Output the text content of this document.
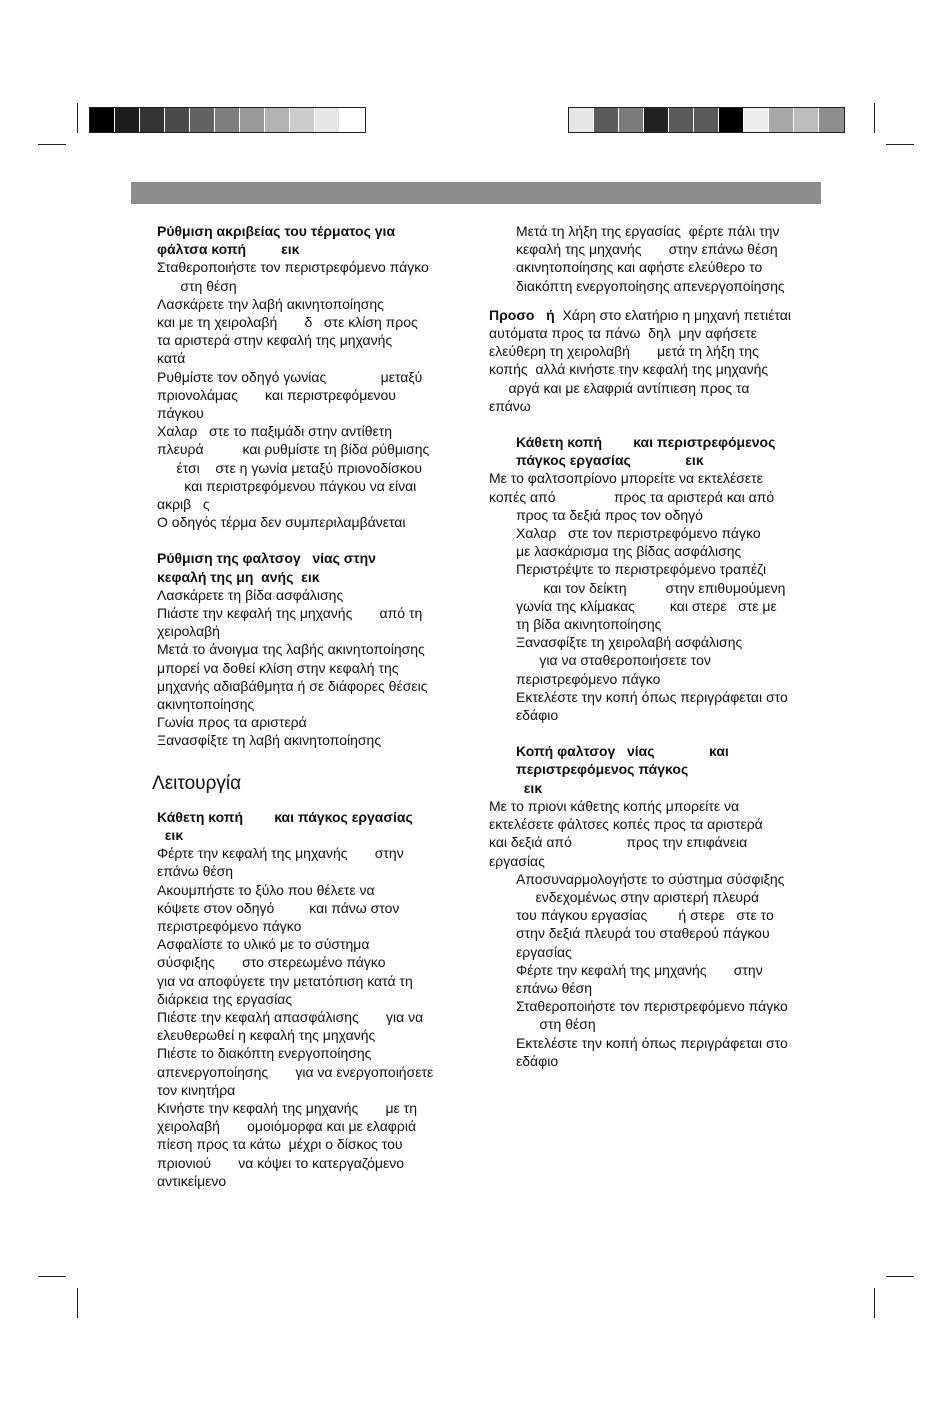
Ρύθμιση ακριβείας του τέρματος για

φάλτσα κοπή         εικ

Σταθεροποιήστε τον περιστρεφόμενο πάγκο

στη θέση

Λασκάρετε την λαβή ακινητοποίησης

και με τη χειρολαβή       δ   στε κλίση προς

τα αριστερά στην κεφαλή της μηχανής

κατά

Ρυθμίστε τον οδηγό γωνίας              μεταξύ

πριονολάμας       και περιστρεφόμενου

πάγκου

Χαλαρ   στε το παξιμάδι στην αντίθετη

πλευρά          και ρυθμίστε τη βίδα ρύθμισης

έτσι    στε η γωνία μεταξύ πριονοδίσκου

και περιστρεφόμενου πάγκου να είναι

ακριβ   ς

Ο οδηγός τέρμα δεν συμπεριλαμβάνεται

Ρύθμιση της φαλτσογ   νίας στην

κεφαλή της μη  ανής  εικ

Λασκάρετε τη βίδα ασφάλισης

Πιάστε την κεφαλή της μηχανής       από τη

χειρολαβή

Μετά το άνοιγμα της λαβής ακινητοποίησης

μπορεί να δοθεί κλίση στην κεφαλή της

μηχανής αδιαβάθμητα ή σε διάφορες θέσεις

ακινητοποίησης

Γωνία προς τα αριστερά

Ξανασφίξτε τη λαβή ακινητοποίησης

Λειτουργία

Κάθετη κοπή        και πάγκος εργασίας

εικ

Φέρτε την κεφαλή της μηχανής       στην

επάνω θέση

Ακουμπήστε το ξύλο που θέλετε να

κόψετε στον οδηγό         και πάνω στον

περιστρεφόμενο πάγκο

Ασφαλίστε το υλικό με το σύστημα

σύσφιξης       στο στερεωμένο πάγκο

για να αποφύγετε την μετατόπιση κατά τη

διάρκεια της εργασίας

Πιέστε την κεφαλή απασφάλισης       για να

ελευθερωθεί η κεφαλή της μηχανής

Πιέστε το διακόπτη ενεργοποίησης

απενεργοποίησης       για να ενεργοποιήσετε

τον κινητήρα

Κινήστε την κεφαλή της μηχανής       με τη

χειρολαβή       ομοιόμορφα και με ελαφριά

πίεση προς τα κάτω  μέχρι ο δίσκος του

πριονιού       να κόψει το κατεργαζόμενο

αντικείμενο

Μετά τη λήξη της εργασίας  φέρτε πάλι την

κεφαλή της μηχανής       στην επάνω θέση

ακινητοποίησης και αφήστε ελεύθερο το

διακόπτη ενεργοποίησης απενεργοποίησης

Προσο   ή  Χάρη στο ελατήριο η μηχανή πετιέται

αυτόματα προς τα πάνω  δηλ  μην αφήσετε

ελεύθερη τη χειρολαβή       μετά τη λήξη της

κοπής  αλλά κινήστε την κεφαλή της μηχανής

αργά και με ελαφριά αντίπιεση προς τα

επάνω

Κάθετη κοπή        και περιστρεφόμενος

πάγκος εργασίας              εικ

Με το φαλτσοπρίονο μπορείτε να εκτελέσετε

κοπές από               προς τα αριστερά και από

προς τα δεξιά προς τον οδηγό

Χαλαρ   στε τον περιστρεφόμενο πάγκο

με λασκάρισμα της βίδας ασφάλισης

Περιστρέψτε το περιστρεφόμενο τραπέζι

και τον δείκτη          στην επιθυμούμενη

γωνία της κλίμακας         και στερε   στε με

τη βίδα ακινητοποίησης

Ξανασφίξτε τη χειρολαβή ασφάλισης

για να σταθεροποιήσετε τον

περιστρεφόμενο πάγκο

Εκτελέστε την κοπή όπως περιγράφεται στο

εδάφιο

Κοπή φαλτσογ   νίας              και

περιστρεφόμενος πάγκος

εικ

Με το πριονι κάθετης κοπής μπορείτε να

εκτελέσετε φάλτσες κοπές προς τα αριστερά

και δεξιά από              προς την επιφάνεια

εργασίας

Αποσυναρμολογήστε το σύστημα σύσφιξης

ενδεχομένως στην αριστερή πλευρά

του πάγκου εργασίας        ή στερε   στε το

στην δεξιά πλευρά του σταθερού πάγκου

εργασίας

Φέρτε την κεφαλή της μηχανής       στην

επάνω θέση

Σταθεροποιήστε τον περιστρεφόμενο πάγκο

στη θέση

Εκτελέστε την κοπή όπως περιγράφεται στο

εδάφιο
